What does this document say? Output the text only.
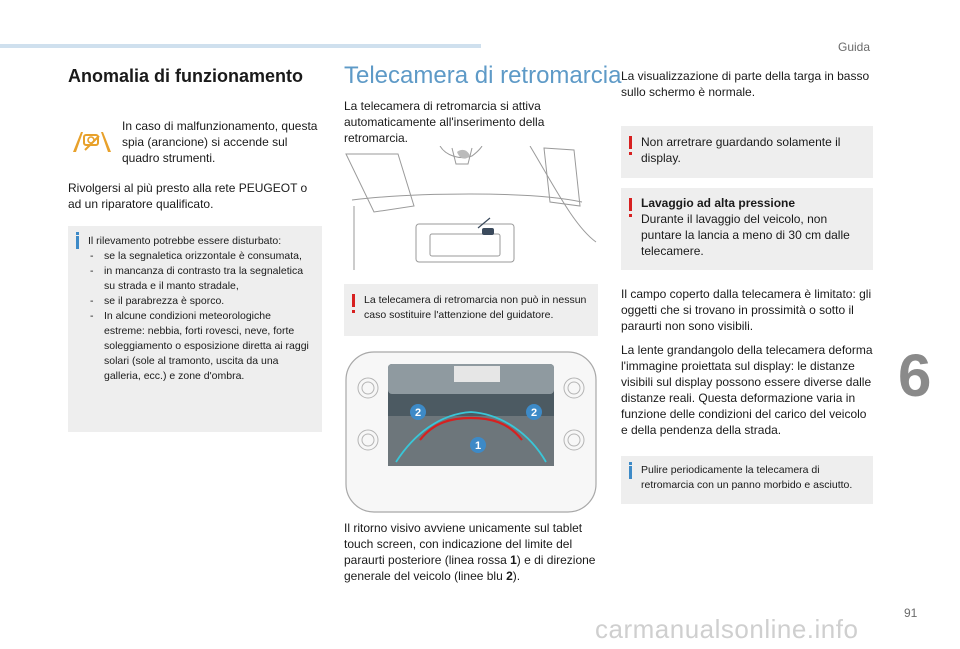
Guida
6
91
carmanualsonline.info
Anomalia di funzionamento

In caso di malfunzionamento, questa spia (arancione) si accende sul quadro strumenti.

Rivolgersi al più presto alla rete PEUGEOT o ad un riparatore qualificato.

Il rilevamento potrebbe essere disturbato:

- se la segnaletica orizzontale è consumata,
- in mancanza di contrasto tra la segnaletica su strada e il manto stradale,
- se il parabrezza è sporco.
- In alcune condizioni meteorologiche estreme: nebbia, forti rovesci, neve, forte soleggiamento o esposizione diretta ai raggi solari (sole al tramonto, uscita da una galleria, ecc.) e zone d'ombra.
Telecamera di retromarcia

La telecamera di retromarcia si attiva automaticamente all'inserimento della retromarcia.

La telecamera di retromarcia non può in nessun caso sostituire l'attenzione del guidatore.

2	2
1

Il ritorno visivo avviene unicamente sul tablet touch screen, con indicazione del limite del paraurti posteriore (linea rossa 1) e di direzione generale del veicolo (linee blu 2).

La visualizzazione di parte della targa in basso sullo schermo è normale.

Non arretrare guardando solamente il display.

Lavaggio ad alta pressione

Durante il lavaggio del veicolo, non puntare la lancia a meno di 30 cm dalle telecamere.

Il campo coperto dalla telecamera è limitato: gli oggetti che si trovano in prossimità o sotto il paraurti non sono visibili.

La lente grandangolo della telecamera deforma l'immagine proiettata sul display: le distanze visibili sul display possono essere diverse dalle distanze reali. Questa deformazione varia in funzione delle condizioni del carico del veicolo e della pendenza della strada.

Pulire periodicamente la telecamera di retromarcia con un panno morbido e asciutto.
